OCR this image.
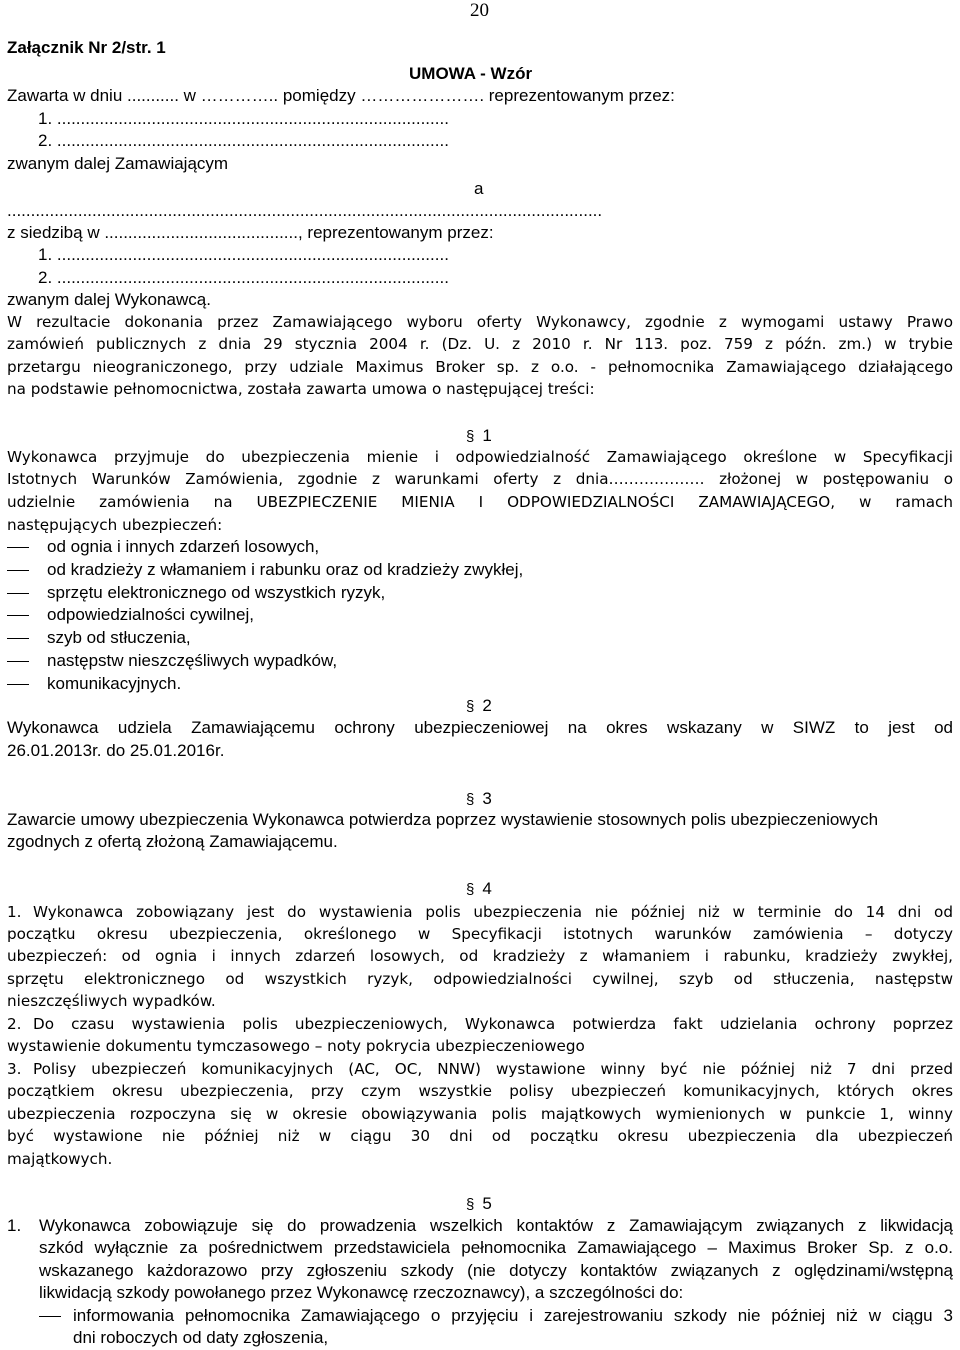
20
Załącznik Nr 2/str. 1
UMOWA - Wzór
Zawarta w dniu ........... w ………….. pomiędzy …………………. reprezentowanym przez:
1. ...................................................................................
2. ...................................................................................
zwanym dalej Zamawiającym
a
..............................................................................................................................
z siedzibą w ........................................., reprezentowanym przez:
1. ...................................................................................
2. ...................................................................................
zwanym dalej Wykonawcą.
W rezultacie dokonania przez Zamawiającego wyboru oferty Wykonawcy, zgodnie z wymogami ustawy Prawo
zamówień publicznych z dnia 29 stycznia 2004 r. (Dz. U. z 2010 r. Nr 113. poz. 759 z późn. zm.) w trybie
przetargu nieograniczonego, przy udziale Maximus Broker sp. z o.o. - pełnomocnika Zamawiającego działającego
na podstawie pełnomocnictwa, została zawarta umowa o następującej treści:
§ 1
Wykonawca przyjmuje do ubezpieczenia mienie i odpowiedzialność Zamawiającego określone w Specyfikacji
Istotnych Warunków Zamówienia, zgodnie z warunkami oferty z dnia………………. złożonej w postępowaniu o
udzielnie zamówienia na UBEZPIECZENIE MIENIA I ODPOWIEDZIALNOŚCI ZAMAWIAJĄCEGO, w ramach
następujących ubezpieczeń:
od ognia i innych zdarzeń losowych,
od kradzieży z włamaniem i rabunku oraz od kradzieży zwykłej,
sprzętu elektronicznego od wszystkich ryzyk,
odpowiedzialności cywilnej,
szyb od stłuczenia,
następstw nieszczęśliwych wypadków,
komunikacyjnych.
§ 2
Wykonawca udziela Zamawiającemu ochrony ubezpieczeniowej na okres wskazany w SIWZ to jest od
26.01.2013r. do 25.01.2016r.
§ 3
Zawarcie umowy ubezpieczenia Wykonawca potwierdza poprzez wystawienie stosownych polis ubezpieczeniowych
zgodnych z ofertą złożoną Zamawiającemu.
§ 4
1. Wykonawca zobowiązany jest do wystawienia polis ubezpieczenia nie później niż w terminie do 14 dni od
początku okresu ubezpieczenia, określonego w Specyfikacji istotnych warunków zamówienia – dotyczy
ubezpieczeń: od ognia i innych zdarzeń losowych, od kradzieży z włamaniem i rabunku, kradzieży zwykłej,
sprzętu elektronicznego od wszystkich ryzyk, odpowiedzialności cywilnej, szyb od stłuczenia, następstw
nieszczęśliwych wypadków.
2. Do czasu wystawienia polis ubezpieczeniowych, Wykonawca potwierdza fakt udzielania ochrony poprzez
wystawienie dokumentu tymczasowego – noty pokrycia ubezpieczeniowego
3. Polisy ubezpieczeń komunikacyjnych (AC, OC, NNW) wystawione winny być nie później niż 7 dni przed
początkiem okresu ubezpieczenia, przy czym wszystkie polisy ubezpieczeń komunikacyjnych, których okres
ubezpieczenia rozpoczyna się w okresie obowiązywania polis majątkowych wymienionych w punkcie 1, winny
być wystawione nie później niż w ciągu 30 dni od początku okresu ubezpieczenia dla ubezpieczeń
majątkowych.
§ 5
1. Wykonawca zobowiązuje się do prowadzenia wszelkich kontaktów z Zamawiającym związanych z likwidacją
szkód wyłącznie za pośrednictwem przedstawiciela pełnomocnika Zamawiającego – Maximus Broker Sp. z o.o.
wskazanego każdorazowo przy zgłoszeniu szkody (nie dotyczy kontaktów związanych z oględzinami/wstępną
likwidacją szkody powołanego przez Wykonawcę rzeczoznawcy), a szczególności do:
informowania pełnomocnika Zamawiającego o przyjęciu i zarejestrowaniu szkody nie później niż w ciągu 3
dni roboczych od daty zgłoszenia,
